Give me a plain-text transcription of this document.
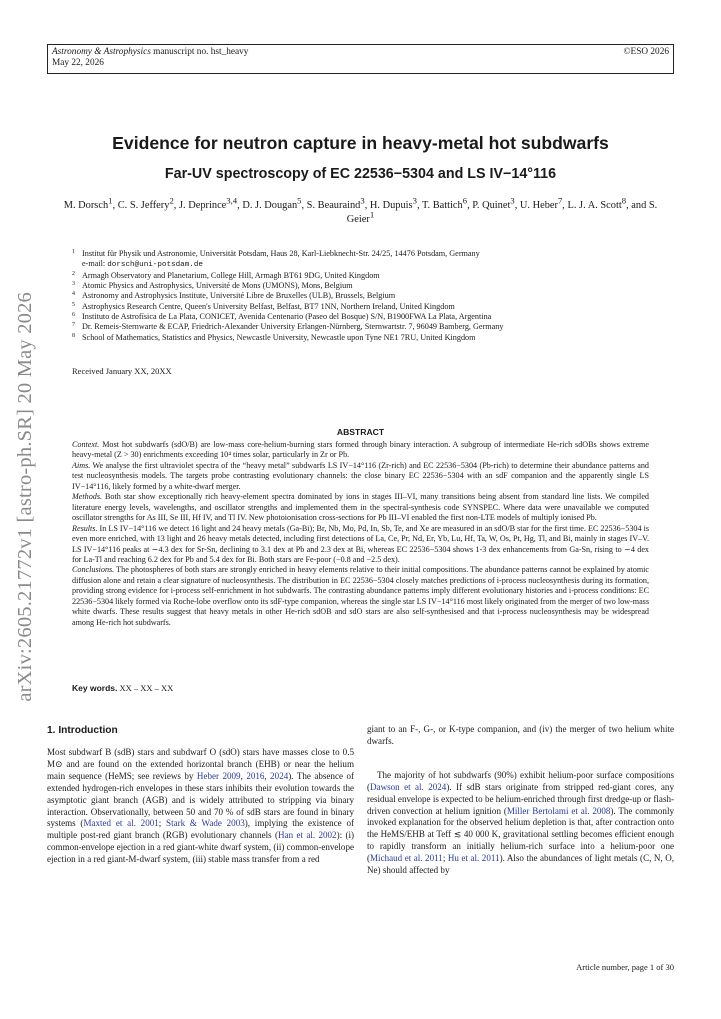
Astronomy & Astrophysics manuscript no. hst_heavy
May 22, 2026
©ESO 2026
arXiv:2605.21772v1 [astro-ph.SR] 20 May 2026
Evidence for neutron capture in heavy-metal hot subdwarfs
Far-UV spectroscopy of EC 22536−5304 and LS IV−14°116
M. Dorsch$^1$, C. S. Jeffery$^2$, J. Deprince$^{3,4}$, D. J. Dougan$^5$, S. Beauraind$^3$, H. Dupuis$^3$, T. Battich$^6$, P. Quinet$^3$, U. Heber$^7$, L. J. A. Scott$^8$, and S. Geier$^1$
$^1$ Institut für Physik und Astronomie, Universität Potsdam, Haus 28, Karl-Liebknecht-Str. 24/25, 14476 Potsdam, Germany
e-mail: dorsch@uni-potsdam.de
$^2$ Armagh Observatory and Planetarium, College Hill, Armagh BT61 9DG, United Kingdom
$^3$ Atomic Physics and Astrophysics, Université de Mons (UMONS), Mons, Belgium
$^4$ Astronomy and Astrophysics Institute, Université Libre de Bruxelles (ULB), Brussels, Belgium
$^5$ Astrophysics Research Centre, Queen's University Belfast, Belfast, BT7 1NN, Northern Ireland, United Kingdom
$^6$ Instituto de Astrofísica de La Plata, CONICET, Avenida Centenario (Paseo del Bosque) S/N, B1900FWA La Plata, Argentina
$^7$ Dr. Remeis-Sternwarte & ECAP, Friedrich-Alexander University Erlangen-Nürnberg, Sternwartstr. 7, 96049 Bamberg, Germany
$^8$ School of Mathematics, Statistics and Physics, Newcastle University, Newcastle upon Tyne NE1 7RU, United Kingdom
Received January XX, 20XX
ABSTRACT

Context. Most hot subdwarfs (sdO/B) are low-mass core-helium-burning stars formed through binary interaction. A subgroup of intermediate He-rich sdOBs shows extreme heavy-metal (Z > 30) enrichments exceeding 10⁴ times solar, particularly in Zr or Pb.

Aims. We analyse the first ultraviolet spectra of the “heavy metal” subdwarfs LS IV−14°116 (Zr-rich) and EC 22536−5304 (Pb-rich) to determine their abundance patterns and test nucleosynthesis models. The targets probe contrasting evolutionary channels: the close binary EC 22536−5304 with an sdF companion and the apparently single LS IV−14°116, likely formed by a white-dwarf merger.

Methods. Both star show exceptionally rich heavy-element spectra dominated by ions in stages III–VI, many transitions being absent from standard line lists. We compiled literature energy levels, wavelengths, and oscillator strengths and implemented them in the spectral-synthesis code SYNSPEC. Where data were unavailable we computed oscillator strengths for As III, Se III, Hf IV, and Tl IV. New photoionisation cross-sections for Pb III–VI enabled the first non-LTE models of multiply ionised Pb.

Results. In LS IV−14°116 we detect 16 light and 24 heavy metals (Ga-Bi); Br, Nb, Mo, Pd, In, Sb, Te, and Xe are measured in an sdO/B star for the first time. EC 22536−5304 is even more enriched, with 13 light and 26 heavy metals detected, including first detections of La, Ce, Pr, Nd, Er, Yb, Lu, Hf, Ta, W, Os, Pt, Hg, Tl, and Bi, mainly in stages IV–V. LS IV−14°116 peaks at ∼4.3 dex for Sr-Sn, declining to 3.1 dex at Pb and 2.3 dex at Bi, whereas EC 22536−5304 shows 1-3 dex enhancements from Ga-Sn, rising to ∼4 dex for La-Tl and reaching 6.2 dex for Pb and 5.4 dex for Bi. Both stars are Fe-poor (−0.8 and −2.5 dex).

Conclusions. The photospheres of both stars are strongly enriched in heavy elements relative to their initial compositions. The abundance patterns cannot be explained by atomic diffusion alone and retain a clear signature of nucleosynthesis. The distribution in EC 22536−5304 closely matches predictions of i-process nucleosynthesis during its formation, providing strong evidence for i-process self-enrichment in hot subdwarfs. The contrasting abundance patterns imply different evolutionary histories and i-process conditions: EC 22536−5304 likely formed via Roche-lobe overflow onto its sdF-type companion, whereas the single star LS IV−14°116 most likely originated from the merger of two low-mass white dwarfs. These results suggest that heavy metals in other He-rich sdOB and sdO stars are also self-synthesised and that i-process nucleosynthesis may be widespread among He-rich hot subdwarfs.

Key words. XX – XX – XX
1. Introduction

Most subdwarf B (sdB) stars and subdwarf O (sdO) stars have masses close to 0.5 M⊙ and are found on the extended horizontal branch (EHB) or near the helium main sequence (HeMS; see reviews by Heber 2009, 2016, 2024). The absence of extended hydrogen-rich envelopes in these stars inhibits their evolution towards the asymptotic giant branch (AGB) and is widely attributed to stripping via binary interaction. Observationally, between 50 and 70 % of sdB stars are found in binary systems (Maxted et al. 2001; Stark & Wade 2003), implying the existence of multiple post-red giant branch (RGB) evolutionary channels (Han et al. 2002): (i) common-envelope ejection in a red giant-white dwarf system, (ii) common-envelope ejection in a red giant-M-dwarf system, (iii) stable mass transfer from a red

giant to an F-, G-, or K-type companion, and (iv) the merger of two helium white dwarfs.

The majority of hot subdwarfs (90%) exhibit helium-poor surface compositions (Dawson et al. 2024). If sdB stars originate from stripped red-giant cores, any residual envelope is expected to be helium-enriched through first dredge-up or flash-driven convection at helium ignition (Miller Bertolami et al. 2008). The commonly invoked explanation for the observed helium depletion is that, after contraction onto the HeMS/EHB at Teff ≲ 40 000 K, gravitational settling becomes efficient enough to rapidly transform an initially helium-rich surface into a helium-poor one (Michaud et al. 2011; Hu et al. 2011). Also the abundances of light metals (C, N, O, Ne) should affected by

Article number, page 1 of 30
